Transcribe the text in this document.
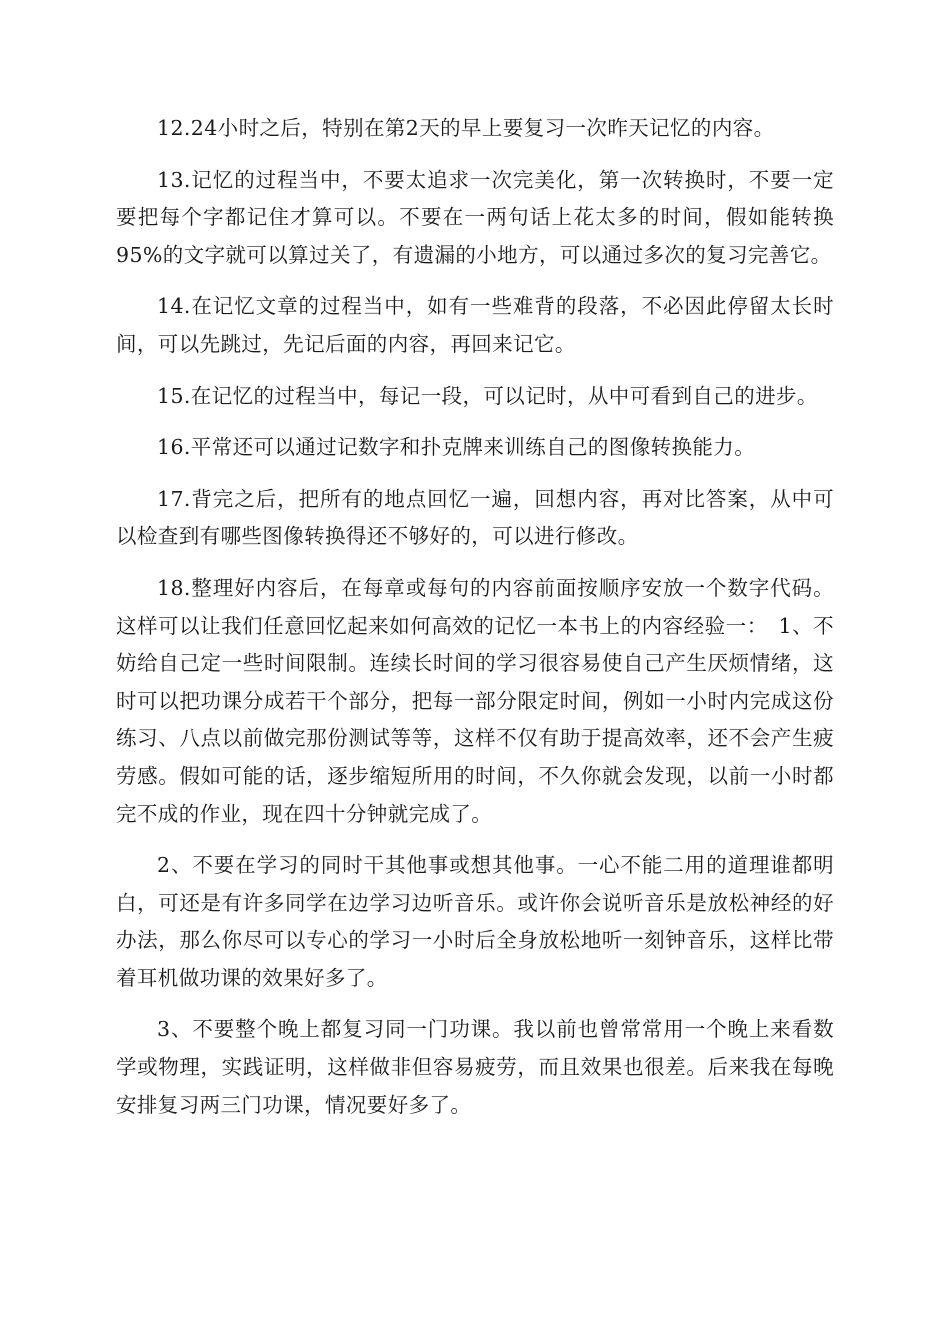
12.24小时之后，特别在第2天的早上要复习一次昨天记忆的内容。

13.记忆的过程当中，不要太追求一次完美化，第一次转换时，不要一定要把每个字都记住才算可以。不要在一两句话上花太多的时间，假如能转换95%的文字就可以算过关了，有遗漏的小地方，可以通过多次的复习完善它。

14.在记忆文章的过程当中，如有一些难背的段落，不必因此停留太长时间，可以先跳过，先记后面的内容，再回来记它。

15.在记忆的过程当中，每记一段，可以记时，从中可看到自己的进步。

16.平常还可以通过记数字和扑克牌来训练自己的图像转换能力。

17.背完之后，把所有的地点回忆一遍，回想内容，再对比答案，从中可以检查到有哪些图像转换得还不够好的，可以进行修改。

18.整理好内容后，在每章或每句的内容前面按顺序安放一个数字代码。这样可以让我们任意回忆起来如何高效的记忆一本书上的内容经验一：　1、不妨给自己定一些时间限制。连续长时间的学习很容易使自己产生厌烦情绪，这时可以把功课分成若干个部分，把每一部分限定时间，例如一小时内完成这份练习、八点以前做完那份测试等等，这样不仅有助于提高效率，还不会产生疲劳感。假如可能的话，逐步缩短所用的时间，不久你就会发现，以前一小时都完不成的作业，现在四十分钟就完成了。

2、不要在学习的同时干其他事或想其他事。一心不能二用的道理谁都明白，可还是有许多同学在边学习边听音乐。或许你会说听音乐是放松神经的好办法，那么你尽可以专心的学习一小时后全身放松地听一刻钟音乐，这样比带着耳机做功课的效果好多了。

3、不要整个晚上都复习同一门功课。我以前也曾常常用一个晚上来看数学或物理，实践证明，这样做非但容易疲劳，而且效果也很差。后来我在每晚安排复习两三门功课，情况要好多了。
